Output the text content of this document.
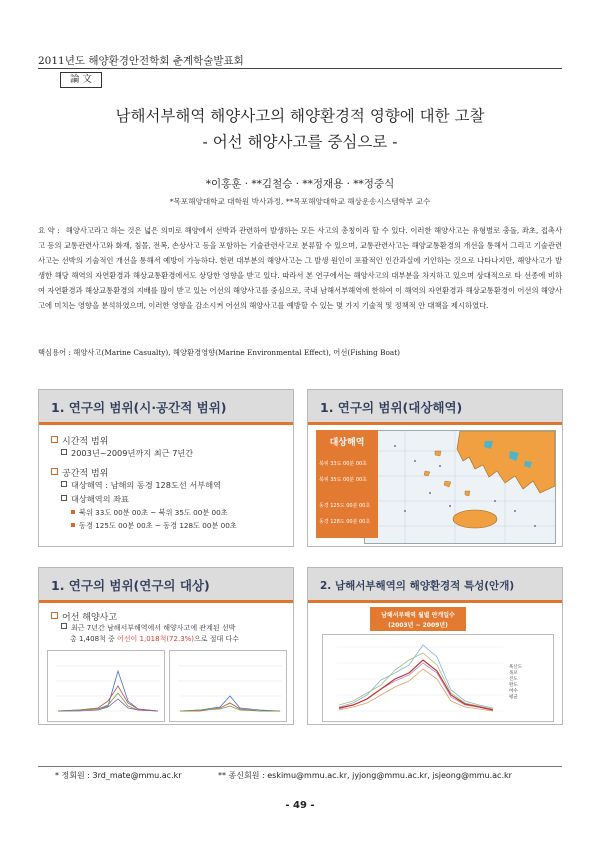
2011년도 해양환경안전학회 춘계학술발표회
論 文
남해서부해역 해양사고의 해양환경적 영향에 대한 고찰
- 어선 해양사고를 중심으로 -
*이홍훈 · **김철승 · **정재용 · **정중식
*목포해양대학교 대학원 박사과정, **목포해양대학교 해상운송시스템학부 교수
요 약 : 해양사고라고 하는 것은 넓은 의미로 해양에서 선박과 관련하여 발생하는 모든 사고의 총칭이라 할 수 있다. 이러한 해양사고는 유형별로 충돌, 좌초, 접촉사고 등의 교통관련사고와 화재, 침몰, 전복, 손상사고 등을 포함하는 기술관련사고로 분류할 수 있으며, 교통관련사고는 해양교통환경의 개선을 통해서 그리고 기술관련사고는 선박의 기술적인 개선을 통해서 예방이 가능하다. 한편 대부분의 해양사고는 그 발생 원인이 포괄적인 인간과실에 기인하는 것으로 나타나지만, 해양사고가 발생한 해당 해역의 자연환경과 해상교통환경에서도 상당한 영향을 받고 있다. 따라서 본 연구에서는 해양사고의 대부분을 차지하고 있으며 상대적으로 타 선종에 비하여 자연환경과 해상교통환경의 지배를 많이 받고 있는 어선의 해양사고를 중심으로, 국내 남해서부해역에 한하여 이 해역의 자연환경과 해상교통환경이 어선의 해양사고에 미치는 영향을 분석하였으며, 이러한 영향을 감소시켜 어선의 해양사고를 예방할 수 있는 몇 가지 기술적 및 정책적 안 대책을 제시하였다.
핵심용어 : 해양사고(Marine Casualty), 해양환경영향(Marine Environmental Effect), 어선(Fishing Boat)
1. 연구의 범위(시·공간적 범위)
시간적 범위
2003년~2009년까지 최근 7년간
공간적 범위
대상해역 : 남해의 동경 128도선 서부해역
대상해역의 좌표
북위 33도 00분 00초 ~ 북위 35도 00분 00초
동경 125도 00분 00초 ~ 동경 128도 00분 00초
1. 연구의 범위(대상해역)
대상해역
북위 33도 00분 00초
북위 35도 00분 00초
동경 125도 00분 00초
동경 128도 00분 00초
1. 연구의 범위(연구의 대상)
어선 해양사고
최근 7년간 남해서부해역에서 해양사고에 관계된 선박
총 1,408척 중 어선이 1,018척(72.3%)으로 절대 다수
2. 남해서부해역의 해양환경적 특성(안개)
남해서부해역 월별 안개일수
(2003년 ~ 2009년)
흑산도
목포
진도
완도
여수
평균
* 정회원 : 3rd_mate@mmu.ac.kr	** 종신회원 : eskimu@mmu.ac.kr, jyjong@mmu.ac.kr, jsjeong@mmu.ac.kr
- 49 -
